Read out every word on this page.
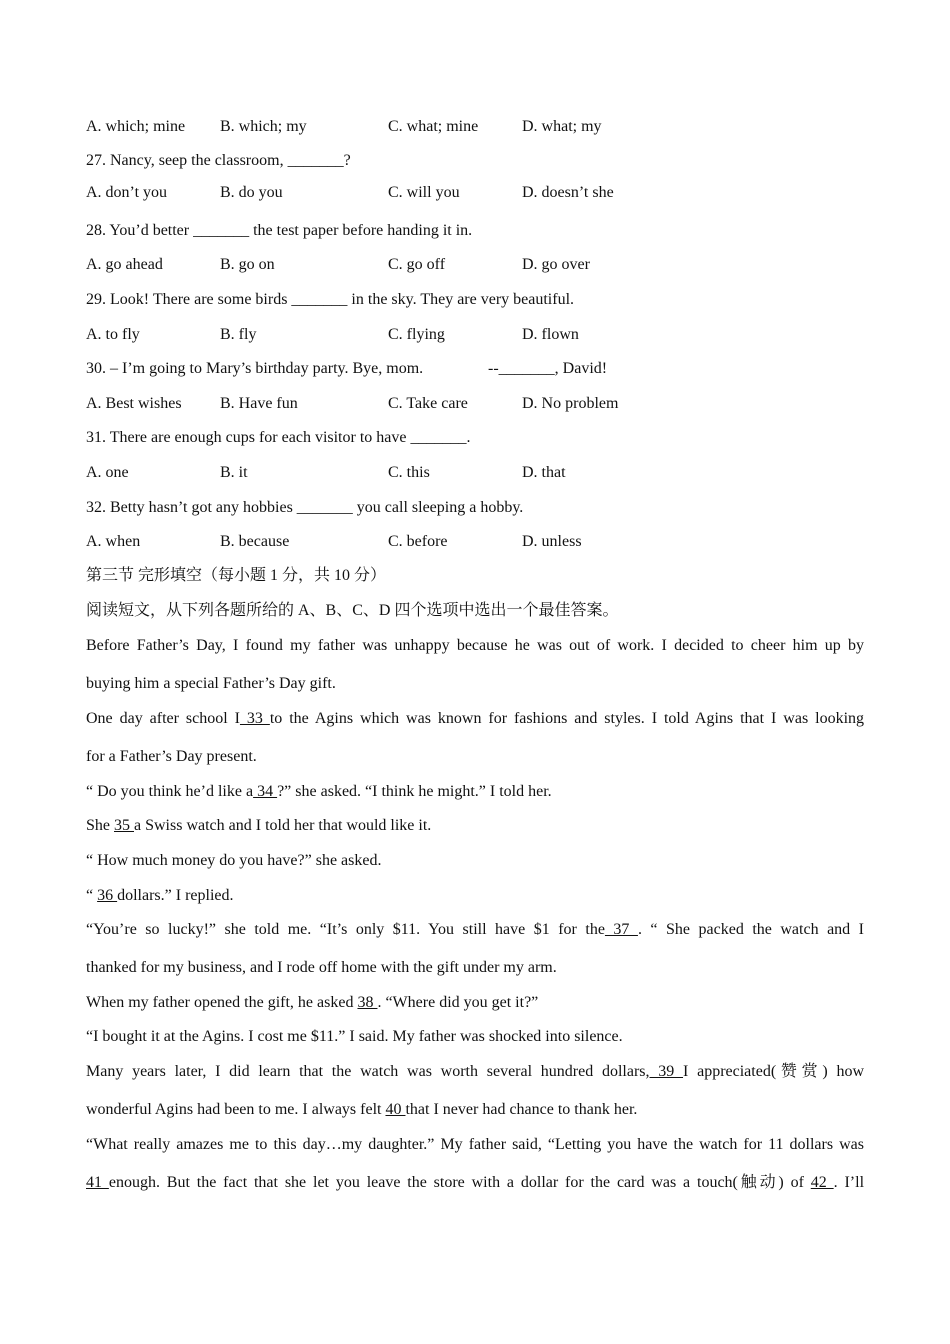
A. which; mine B. which; my	C. what; mine	D. what; my
27. Nancy, seep the classroom, _______?
A. don’t you	B. do you	C. will you	D. doesn’t she
28. You’d better _______ the test paper before handing it in.
A. go ahead	B. go on	C. go off	D. go over
29. Look! There are some birds _______ in the sky. They are very beautiful.
A. to fly	B. fly	C. flying	D. flown
30. – I’m going to Mary’s birthday party. Bye, mom.	--_______, David!
A. Best wishes B. Have fun	C. Take care	D. No problem
31. There are enough cups for each visitor to have _______.
A. one	B. it	C. this	D. that
32. Betty hasn’t got any hobbies _______ you call sleeping a hobby.
A. when	B. because	C. before	D. unless
第三节 完形填空（每小题 1 分，共 10 分）
阅读短文，从下列各题所给的 A、B、C、D 四个选项中选出一个最佳答案。
Before Father’s Day, I found my father was unhappy because he was out of work. I decided to cheer him up by
buying him a special Father’s Day gift.
One day after school I 33 to the Agins which was known for fashions and styles. I told Agins that I was looking
for a Father’s Day present.
“ Do you think he’d like a 34 ?” she asked. “I think he might.” I told her.
She 35 a Swiss watch and I told her that would like it.
“ How much money do you have?” she asked.
“ 36 dollars.” I replied.
“You’re so lucky!” she told me. “It’s only $11. You still have $1 for the 37 . “ She packed the watch and I
thanked for my business, and I rode off home with the gift under my arm.
When my father opened the gift, he asked 38 . “Where did you get it?”
“I bought it at the Agins. I cost me $11.” I said. My father was shocked into silence.
Many years later, I did learn that the watch was worth several hundred dollars, 39 I appreciated(赞赏) how
wonderful Agins had been to me. I always felt 40 that I never had chance to thank her.
“What really amazes me to this day…my daughter.” My father said, “Letting you have the watch for 11 dollars was
41 enough. But the fact that she let you leave the store with a dollar for the card was a touch(触动) of 42 . I’ll
